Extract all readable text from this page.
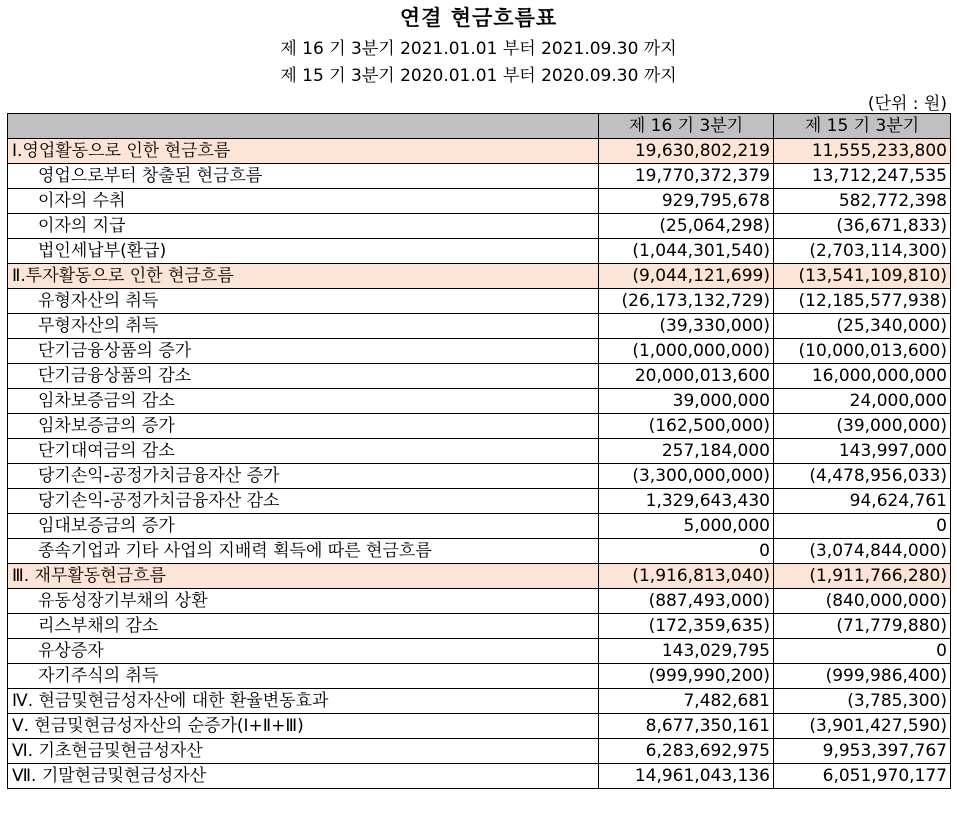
연결 현금흐름표
제 16 기 3분기 2021.01.01 부터 2021.09.30 까지
제 15 기 3분기 2020.01.01 부터 2020.09.30 까지
(단위 : 원)
	제 16 기 3분기	제 15 기 3분기
Ⅰ.영업활동으로 인한 현금흐름	19,630,802,219	11,555,233,800
영업으로부터 창출된 현금흐름	19,770,372,379	13,712,247,535
이자의 수취	929,795,678	582,772,398
이자의 지급	(25,064,298)	(36,671,833)
법인세납부(환급)	(1,044,301,540)	(2,703,114,300)
Ⅱ.투자활동으로 인한 현금흐름	(9,044,121,699)	(13,541,109,810)
유형자산의 취득	(26,173,132,729)	(12,185,577,938)
무형자산의 취득	(39,330,000)	(25,340,000)
단기금융상품의 증가	(1,000,000,000)	(10,000,013,600)
단기금융상품의 감소	20,000,013,600	16,000,000,000
임차보증금의 감소	39,000,000	24,000,000
임차보증금의 증가	(162,500,000)	(39,000,000)
단기대여금의 감소	257,184,000	143,997,000
당기손익-공정가치금융자산 증가	(3,300,000,000)	(4,478,956,033)
당기손익-공정가치금융자산 감소	1,329,643,430	94,624,761
임대보증금의 증가	5,000,000	0
종속기업과 기타 사업의 지배력 획득에 따른 현금흐름	0	(3,074,844,000)
Ⅲ. 재무활동현금흐름	(1,916,813,040)	(1,911,766,280)
유동성장기부채의 상환	(887,493,000)	(840,000,000)
리스부채의 감소	(172,359,635)	(71,779,880)
유상증자	143,029,795	0
자기주식의 취득	(999,990,200)	(999,986,400)
Ⅳ. 현금및현금성자산에 대한 환율변동효과	7,482,681	(3,785,300)
Ⅴ. 현금및현금성자산의 순증가(Ⅰ+Ⅱ+Ⅲ)	8,677,350,161	(3,901,427,590)
Ⅵ. 기초현금및현금성자산	6,283,692,975	9,953,397,767
Ⅶ. 기말현금및현금성자산	14,961,043,136	6,051,970,177
